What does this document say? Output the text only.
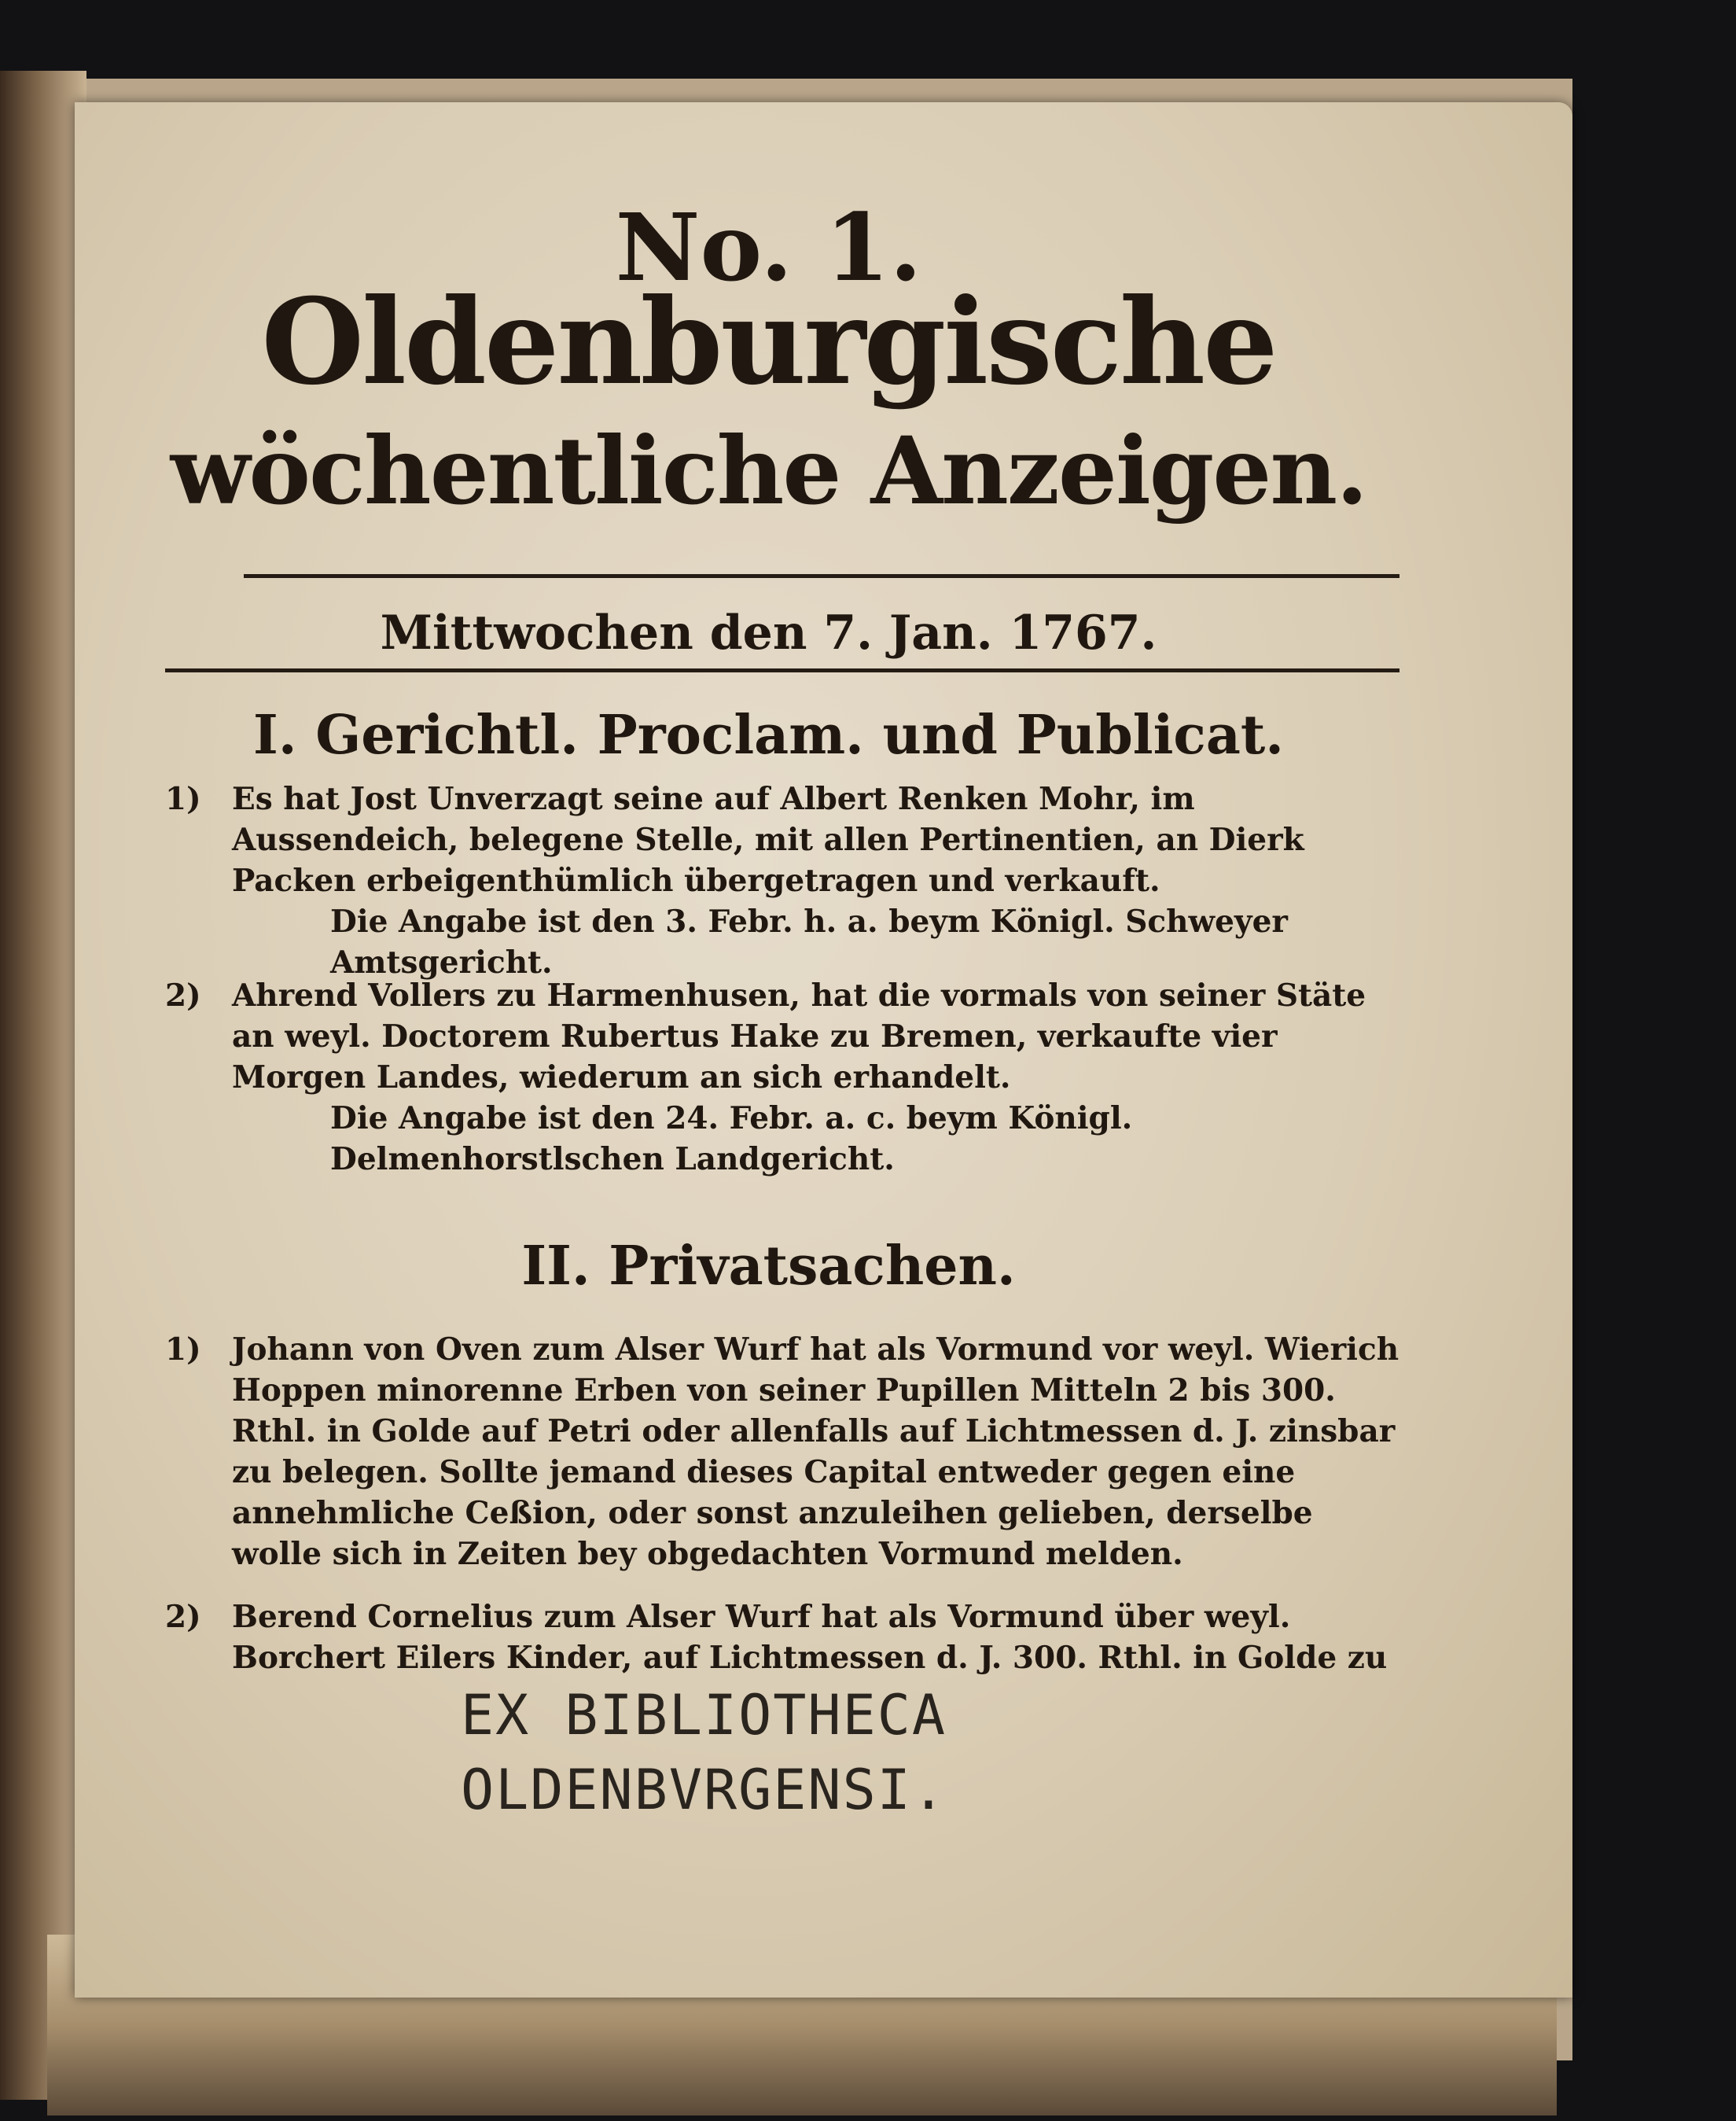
No. 1.
Oldenburgische
wöchentliche Anzeigen.
Mittwochen den 7. Jan. 1767.
I. Gerichtl. Proclam. und Publicat.
1)	Es hat Jost Unverzagt seine auf Albert Renken Mohr, im Aussendeich, belegene Stelle, mit allen Pertinentien, an Dierk Packen erbeigenthümlich übergetragen und verkauft.
Die Angabe ist den 3. Febr. h. a. beym Königl. Schweyer Amtsgericht.
2)	Ahrend Vollers zu Harmenhusen, hat die vormals von seiner Stäte an weyl. Doctorem Rubertus Hake zu Bremen, verkaufte vier Morgen Landes, wiederum an sich erhandelt.
Die Angabe ist den 24. Febr. a. c. beym Königl. Delmenhorstlschen Landgericht.
II. Privatsachen.
1)	Johann von Oven zum Alser Wurf hat als Vormund vor weyl. Wierich Hoppen minorenne Erben von seiner Pupillen Mitteln 2 bis 300. Rthl. in Golde auf Petri oder allenfalls auf Lichtmessen d. J. zinsbar zu belegen. Sollte jemand dieses Capital entweder gegen eine annehmliche Ceßion, oder sonst anzuleihen gelieben, derselbe wolle sich in Zeiten bey obgedachten Vormund melden.
2)	Berend Cornelius zum Alser Wurf hat als Vormund über weyl. Borchert Eilers Kinder, auf Lichtmessen d. J. 300. Rthl. in Golde zu
EX BIBLIOTHECA
OLDENBVRGENSI.
